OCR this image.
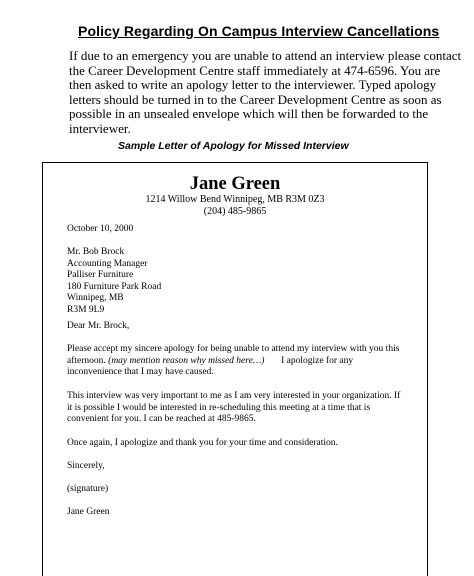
Policy Regarding On Campus Interview Cancellations
If due to an emergency you are unable to attend an interview please contact
the Career Development Centre staff immediately at 474-6596. You are
then asked to write an apology letter to the interviewer. Typed apology
letters should be turned in to the Career Development Centre as soon as
possible in an unsealed envelope which will then be forwarded to the
interviewer.
Sample Letter of Apology for Missed Interview
Jane Green
1214 Willow Bend Winnipeg, MB R3M 0Z3
(204) 485-9865
October 10, 2000
Mr. Bob Brock
Accounting Manager
Palliser Furniture
180 Furniture Park Road
Winnipeg, MB
R3M 9L9
Dear Mr. Brock,
Please accept my sincere apology for being unable to attend my interview with you this
afternoon. (may mention reason why missed here…)       I apologize for any
inconvenience that I may have caused.
This interview was very important to me as I am very interested in your organization. If
it is possible I would be interested in re-scheduling this meeting at a time that is
convenient for you. I can be reached at 485-9865.
Once again, I apologize and thank you for your time and consideration.
Sincerely,
(signature)
Jane Green
